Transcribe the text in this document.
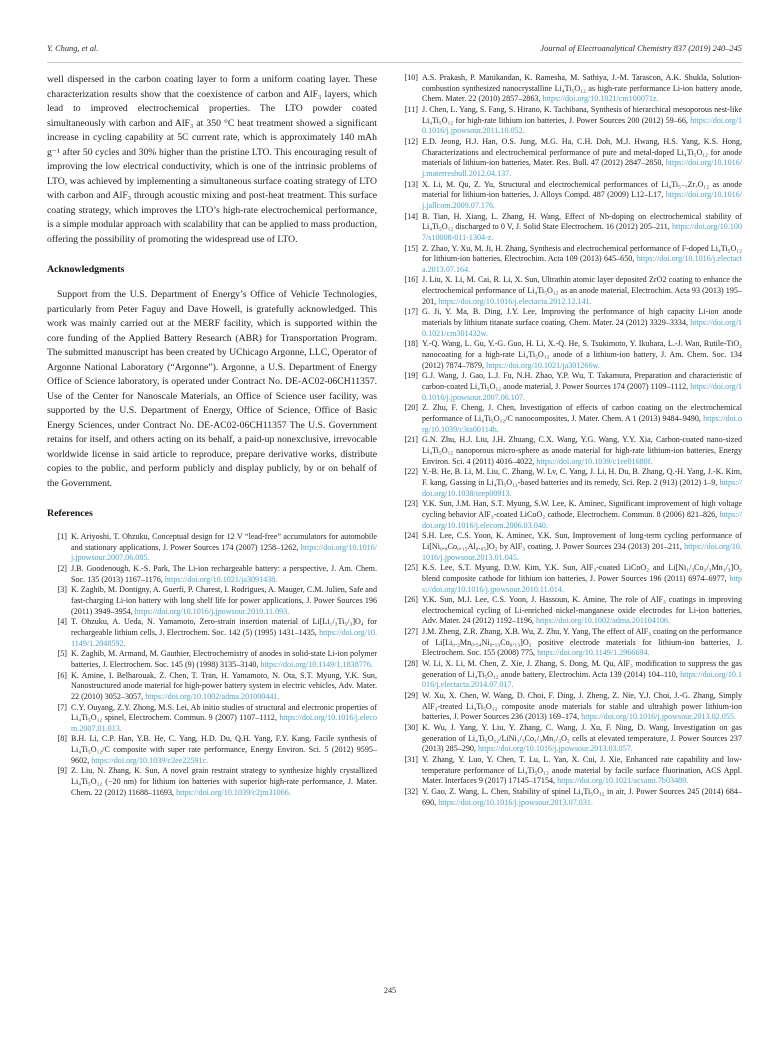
Y. Chung, et al.	Journal of Electroanalytical Chemistry 837 (2019) 240–245

well dispersed in the carbon coating layer to form a uniform coating layer. These characterization results show that the coexistence of carbon and AlF₃ layers, which lead to improved electrochemical properties. The LTO powder coated simultaneously with carbon and AlF₃ at 350 °C heat treatment showed a significant increase in cycling capability at 5C current rate, which is approximately 140 mAh g⁻¹ after 50 cycles and 30% higher than the pristine LTO. This encouraging result of improving the low electrical conductivity, which is one of the intrinsic problems of LTO, was achieved by implementing a simultaneous surface coating strategy of LTO with carbon and AlF₃ through acoustic mixing and post-heat treatment. This surface coating strategy, which improves the LTO’s high-rate electrochemical performance, is a simple modular approach with scalability that can be applied to mass production, offering the possibility of promoting the widespread use of LTO.

Acknowledgments

Support from the U.S. Department of Energy’s Office of Vehicle Technologies, particularly from Peter Faguy and Dave Howell, is gratefully acknowledged. This work was mainly carried out at the MERF facility, which is supported within the core funding of the Applied Battery Research (ABR) for Transportation Program. The submitted manuscript has been created by UChicago Argonne, LLC, Operator of Argonne National Laboratory (“Argonne”). Argonne, a U.S. Department of Energy Office of Science laboratory, is operated under Contract No. DE-AC02-06CH11357. Use of the Center for Nanoscale Materials, an Office of Science user facility, was supported by the U.S. Department of Energy, Office of Science, Office of Basic Energy Sciences, under Contract No. DE-AC02-06CH11357 The U.S. Government retains for itself, and others acting on its behalf, a paid-up nonexclusive, irrevocable worldwide license in said article to reproduce, prepare derivative works, distribute copies to the public, and perform publicly and display publicly, by or on behalf of the Government.

References
[1] K. Ariyoshi, T. Ohzuku, Conceptual design for 12 V “lead-free” accumulators for automobile and stationary applications, J. Power Sources 174 (2007) 1258–1262, https://doi.org/10.1016/j.jpowsour.2007.06.085.
[2] J.B. Goodenough, K.-S. Park, The Li-ion rechargeable battery: a perspective, J. Am. Chem. Soc. 135 (2013) 1167–1176, https://doi.org/10.1021/ja3091438.
[3] K. Zaghib, M. Dontigny, A. Guerfi, P. Charest, I. Rodrigues, A. Mauger, C.M. Julien, Safe and fast-charging Li-ion battery with long shelf life for power applications, J. Power Sources 196 (2011) 3949–3954, https://doi.org/10.1016/j.jpowsour.2010.11.093.
[4] T. Ohzuku, A. Ueda, N. Yamamoto, Zero-strain insertion material of Li[Li₁/₃Ti₅/₃]O₄ for rechargeable lithium cells, J. Electrochem. Soc. 142 (5) (1995) 1431–1435, https://doi.org/10.1149/1.2048592.
[5] K. Zaghib, M. Armand, M. Gauthier, Electrochemistry of anodes in solid-state Li-ion polymer batteries, J. Electrochem. Soc. 145 (9) (1998) 3135–3140, https://doi.org/10.1149/1.1838776.
[6] K. Amine, I. Belharouak, Z. Chen, T. Tran, H. Yamamoto, N. Ota, S.T. Myung, Y.K. Sun, Nanostructured anode material for high-power battery system in electric vehicles, Adv. Mater. 22 (2010) 3052–3057, https://doi.org/10.1002/adma.201000441.
[7] C.Y. Ouyang, Z.Y. Zhong, M.S. Lei, Ab initio studies of structural and electronic properties of Li₄Ti₅O₁₂ spinel, Electrochem. Commun. 9 (2007) 1107–1112, https://doi.org/10.1016/j.elecom.2007.01.013.
[8] B.H. Li, C.P. Han, Y.B. He, C. Yang, H.D. Du, Q.H. Yang, F.Y. Kang, Facile synthesis of Li₄Ti₅O₁₂/C composite with super rate performance, Energy Environ. Sci. 5 (2012) 9595–9602, https://doi.org/10.1039/c2ee22591c.
[9] Z. Liu, N. Zhang, K. Sun, A novel grain restraint strategy to synthesize highly crystallized Li₄Ti₅O₁₂ (−20 nm) for lithium ion batteries with superior high-rate performance, J. Mater. Chem. 22 (2012) 11688–11693, https://doi.org/10.1039/c2jm31066.
[10] A.S. Prakash, P. Manikandan, K. Ramesha, M. Sathiya, J.-M. Tarascon, A.K. Shukla, Solution-combustion synthesized nanocrystalline Li₄Ti₅O₁₂ as high-rate performance Li-ion battery anode, Chem. Mater. 22 (2010) 2857–2863, https://doi.org/10.1021/cm100071z.
[11] J. Chen, L. Yang, S. Fang, S. Hirano, K. Tachibana, Synthesis of hierarchical mesoporous nest-like Li₄Ti₅O₁₂ for high-rate lithium ion batteries, J. Power Sources 200 (2012) 59–66, https://doi.org/10.1016/j.jpowsour.2011.10.052.
[12] E.D. Jeong, H.J. Han, O.S. Jung, M.G. Ha, C.H. Doh, M.J. Hwang, H.S. Yang, K.S. Hong, Characterizations and electrochemical performance of pure and metal-doped Li₄Ti₅O₁₂ for anode materials of lithium-ion batteries, Mater. Res. Bull. 47 (2012) 2847–2850, https://doi.org/10.1016/j.materresbull.2012.04.137.
[13] X. Li, M. Qu, Z. Yu, Structural and electrochemical performances of Li₄Ti₅₋ₓZrₓO₁₂ as anode material for lithium-ion batteries, J. Alloys Compd. 487 (2009) L12–L17, https://doi.org/10.1016/j.jallcom.2009.07.176.
[14] B. Tian, H. Xiang, L. Zhang, H. Wang, Effect of Nb-doping on electrochemical stability of Li₄Ti₅O₁₂ discharged to 0 V, J. Solid State Electrochem. 16 (2012) 205–211, https://doi.org/10.1007/s10008-011-1304-z.
[15] Z. Zhao, Y. Xu, M. Ji, H. Zhang, Synthesis and electrochemical performance of F-doped Li₄Ti₅O₁₂ for lithium-ion batteries, Electrochim. Acta 109 (2013) 645–650, https://doi.org/10.1016/j.electacta.2013.07.164.
[16] J. Liu, X. Li, M. Cai, R. Li, X. Sun, Ultrathin atomic layer deposited ZrO2 coating to enhance the electrochemical performance of Li₄Ti₅O₁₂ as an anode material, Electrochim. Acta 93 (2013) 195–201, https://doi.org/10.1016/j.electacta.2012.12.141.
[17] G. Ji, Y. Ma, B. Ding, J.Y. Lee, Improving the performance of high capacity Li-ion anode materials by lithium titanate surface coating, Chem. Mater. 24 (2012) 3329–3334, https://doi.org/10.1021/cm301432w.
[18] Y.-Q. Wang, L. Gu, Y.-G. Guo, H. Li, X.-Q. He, S. Tsukimoto, Y. Ikuhara, L.-J. Wan, Rutile-TiO₂ nanocoating for a high-rate Li₄Ti₅O₁₂ anode of a lithium-ion battery, J. Am. Chem. Soc. 134 (2012) 7874–7879, https://doi.org/10.1021/ja301266w.
[19] G.J. Wang, J. Gao, L.J. Fu, N.H. Zhao, Y.P. Wu, T. Takamura, Preparation and characteristic of carbon-coated Li₄Ti₅O₁₂ anode material, J. Power Sources 174 (2007) 1109–1112, https://doi.org/10.1016/j.jpowsour.2007.06.107.
[20] Z. Zhu, F. Cheng, J. Chen, Investigation of effects of carbon coating on the electrochemical performance of Li₄Ti₅O₁₂/C nanocomposites, J. Mater. Chem. A 1 (2013) 9484–9490, https://doi.org/10.1039/c3ta00114h.
[21] G.N. Zhu, H.J. Liu, J.H. Zhuang, C.X. Wang, Y.G. Wang, Y.Y. Xia, Carbon-coated nano-sized Li₄Ti₅O₁₂ nanoporous micro-sphere as anode material for high-rate lithium-ion batteries, Energy Environ. Sci. 4 (2011) 4016–4022, https://doi.org/10.1039/c1ee01680f.
[22] Y.-B. He, B. Li, M. Liu, C. Zhang, W. Lv, C. Yang, J. Li, H. Du, B. Zhang, Q.-H. Yang, J.-K. Kim, F. kang, Gassing in Li₄Ti₅O₁₂-based batteries and its remedy, Sci. Rep. 2 (913) (2012) 1–9, https://doi.org/10.1038/srep00913.
[23] Y.K. Sun, J.M. Han, S.T. Myung, S.W. Lee, K. Aminec, Significant improvement of high voltage cycling behavior AlF₃-coated LiCoO₂ cathode, Electrochem. Commun. 8 (2006) 821–826, https://doi.org/10.1016/j.elecom.2006.03.040.
[24] S.H. Lee, C.S. Yoon, K. Aminec, Y.K. Sun, Improvement of long-term cycling performance of Li[Ni₀.₈Co₀.₁₅Al₀.₀₅]O₂ by AlF₃ coating, J. Power Sources 234 (2013) 201–211, https://doi.org/10.1016/j.jpowsour.2013.01.045.
[25] K.S. Lee, S.T. Myung, D.W. Kim, Y.K. Sun, AlF₃-coated LiCoO₂ and Li[Ni₁/₃Co₁/₃Mn₁/₃]O₂ blend composite cathode for lithium ion batteries, J. Power Sources 196 (2011) 6974–6977, https://doi.org/10.1016/j.jpowsour.2010.11.014.
[26] Y.K. Sun, M.J. Lee, C.S. Yoon, J. Hassoun, K. Amine, The role of AlF₃ coatings in improving electrochemical cycling of Li-enriched nickel-manganese oxide electrodes for Li-ion batteries, Adv. Mater. 24 (2012) 1192–1196, https://doi.org/10.1002/adma.201104106.
[27] J.M. Zheng, Z.R. Zhang, X.B. Wu, Z. Zhu, Y. Yang, The effect of AlF₃ coating on the performance of Li[Li₀.₂Mn₀.₅₄Ni₀.₁₃Co₀.₁₃]O₂ positive electrode materials for lithium-ion batteries, J. Electrochem. Soc. 155 (2008) 775, https://doi.org/10.1149/1.2966694.
[28] W. Li, X. Li, M. Chen, Z. Xie, J. Zhang, S. Dong, M. Qu, AlF₃ modification to suppress the gas generation of Li₄Ti₅O₁₂ anode battery, Electrochim. Acta 139 (2014) 104–110, https://doi.org/10.1016/j.electacta.2014.07.017.
[29] W. Xu, X. Chen, W. Wang, D. Choi, F. Ding, J. Zheng, Z. Nie, Y.J. Choi, J.-G. Zhang, Simply AlF₃-treated Li₄Ti₅O₁₂ composite anode materials for stable and ultrahigh power lithium-ion batteries, J. Power Sources 236 (2013) 169–174, https://doi.org/10.1016/j.jpowsour.2013.02.055.
[30] K. Wu, J. Yang, Y. Liu, Y. Zhang, C. Wang, J. Xu, F. Ning, D. Wang, Investigation on gas generation of Li₄Ti₅O₁₂/LiNi₁/₃Co₁/₃Mn₁/₃O₂ cells at elevated temperature, J. Power Sources 237 (2013) 285–290, https://doi.org/10.1016/j.jpowsour.2013.03.057.
[31] Y. Zhang, Y. Luo, Y. Chen, T. Lu, L. Yan, X. Cui, J. Xie, Enhanced rate capability and low-temperature performance of Li₄Ti₅O₁₂ anode material by facile surface fluorination, ACS Appl. Mater. Interfaces 9 (2017) 17145–17154, https://doi.org/10.1021/acsami.7b03489.
[32] Y. Gao, Z. Wang, L. Chen, Stability of spinel Li₄Ti₅O₁₂ in air, J. Power Sources 245 (2014) 684–690, https://doi.org/10.1016/j.jpowsour.2013.07.031.
245
